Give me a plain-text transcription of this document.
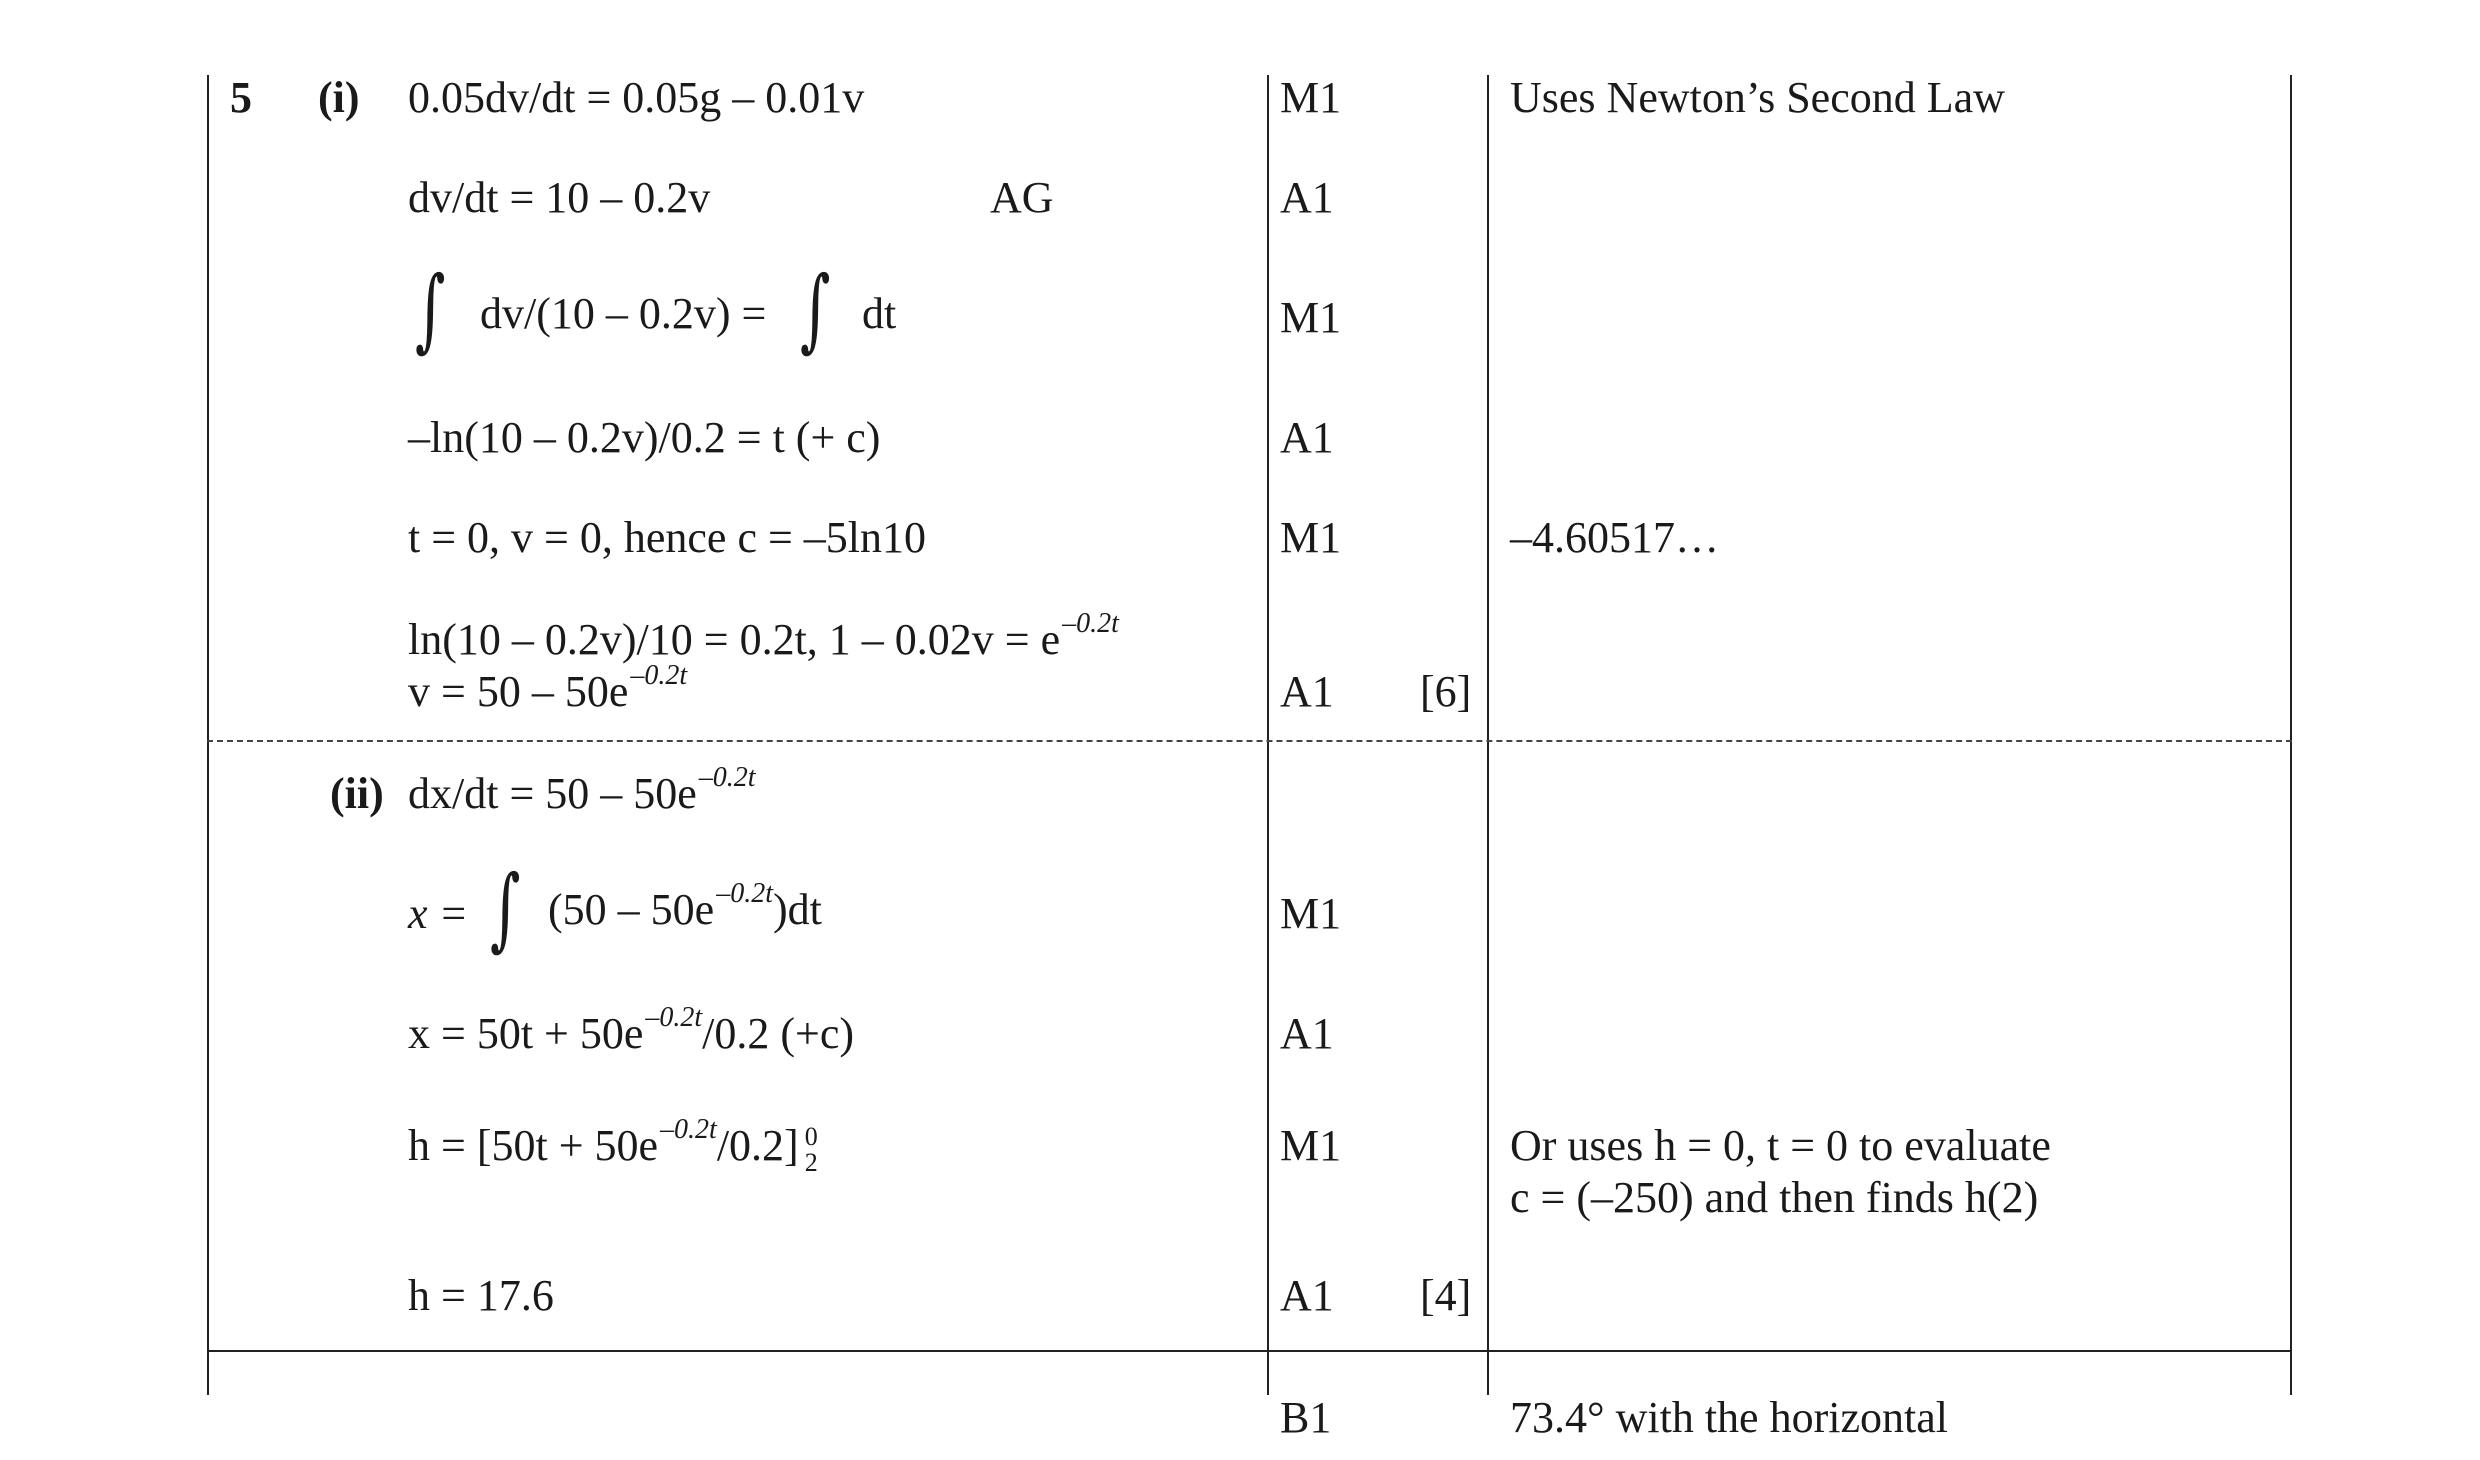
5 (i)
(ii)
0.05dv/dt = 0.05g – 0.01v
dv/dt = 10 – 0.2v	AG
∫ dv/(10 – 0.2v) = ∫ dt
–ln(10 – 0.2v)/0.2 = t (+ c)
t = 0, v = 0, hence c = –5ln10
ln(10 – 0.2v)/10 = 0.2t, $1 - 0.02v = e^{-0.2t}$
$v = 50 - 50e^{-0.2t}$
M1
A1
M1
A1
M1
A1 [6]
Uses Newton’s Second Law
–4.60517…
$dx/dt = 50 - 50e^{-0.2t}$
x = ∫ $(50 - 50e^{-0.2t})dt$
$x = 50t + 50e^{-0.2t}/0.2$ (+c)
$h = [50t + 50e^{-0.2t}/0.2]$ 0
2
h = 17.6
M1
A1
M1
A1 [4]
Or uses h = 0, t = 0 to evaluate
c = (–250) and then finds h(2)
B1	73.4° with the horizontal
